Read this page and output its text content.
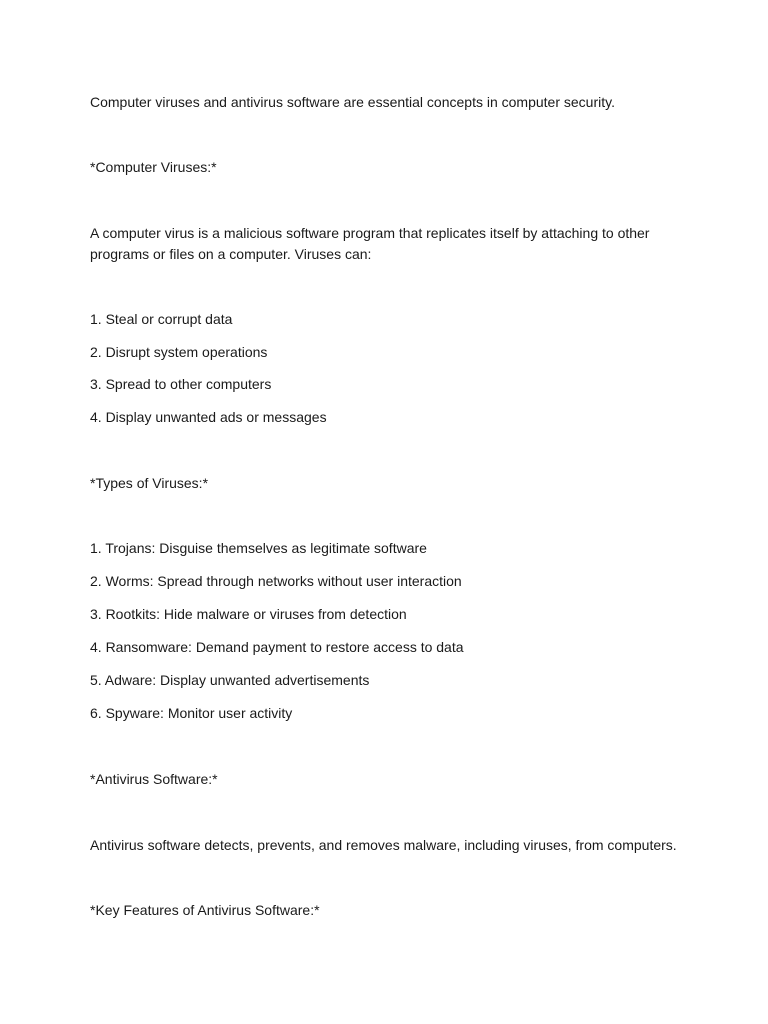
Computer viruses and antivirus software are essential concepts in computer security.

*Computer Viruses:*

A computer virus is a malicious software program that replicates itself by attaching to other programs or files on a computer. Viruses can:

1. Steal or corrupt data

2. Disrupt system operations

3. Spread to other computers

4. Display unwanted ads or messages

*Types of Viruses:*

1. Trojans: Disguise themselves as legitimate software

2. Worms: Spread through networks without user interaction

3. Rootkits: Hide malware or viruses from detection

4. Ransomware: Demand payment to restore access to data

5. Adware: Display unwanted advertisements

6. Spyware: Monitor user activity

*Antivirus Software:*

Antivirus software detects, prevents, and removes malware, including viruses, from computers.

*Key Features of Antivirus Software:*
